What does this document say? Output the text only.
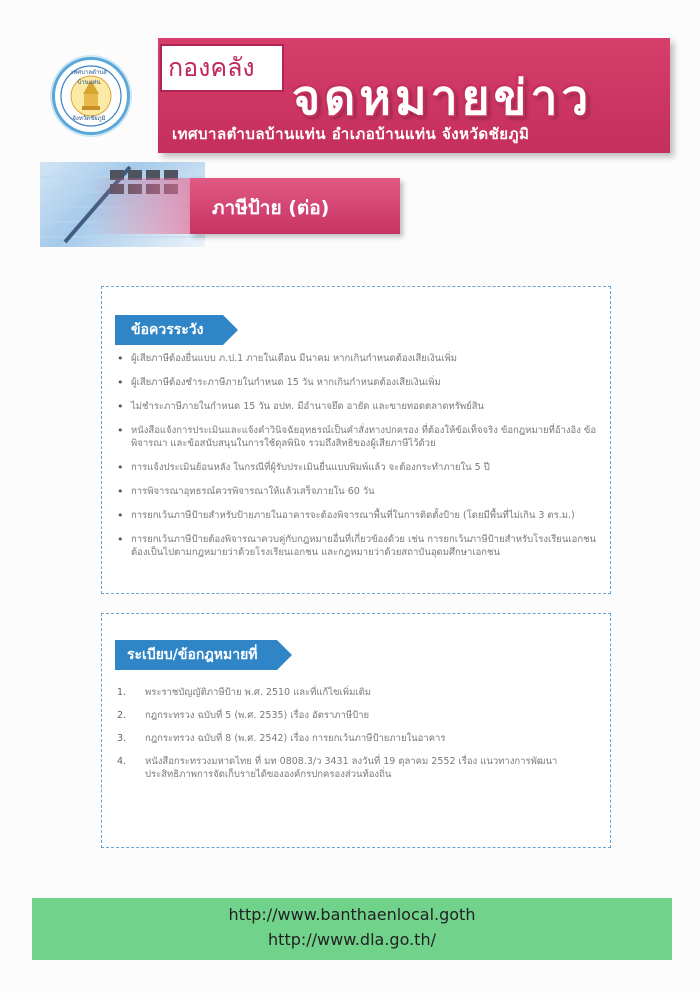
เทศบาลตำบลบ้านแท่น
จังหวัดชัยภูมิ
กองคลัง
จดหมายข่าว
เทศบาลตำบลบ้านแท่น อำเภอบ้านแท่น จังหวัดชัยภูมิ
ภาษีป้าย (ต่อ)
ข้อควรระวัง
• ผู้เสียภาษีต้องยื่นแบบ ภ.ป.1 ภายในเดือน มีนาคม หากเกินกำหนดต้องเสียเงินเพิ่ม
• ผู้เสียภาษีต้องชำระภาษีภายในกำหนด 15 วัน หากเกินกำหนดต้องเสียเงินเพิ่ม
• ไม่ชำระภาษีภายในกำหนด 15 วัน อปท. มีอำนาจยึด อายัด และขายทอดตลาดทรัพย์สิน
• หนังสือแจ้งการประเมินและแจ้งคำวินิจฉัยอุทธรณ์เป็นคำสั่งทางปกครอง ที่ต้องให้ข้อเท็จจริง ข้อกฎหมายที่อ้างอิง ข้อพิจารณา และข้อสนับสนุนในการใช้ดุลพินิจ รวมถึงสิทธิของผู้เสียภาษีไว้ด้วย
• การแจ้งประเมินย้อนหลัง ในกรณีที่ผู้รับประเมินยื่นแบบพิมพ์แล้ว จะต้องกระทำภายใน 5 ปี
• การพิจารณาอุทธรณ์ควรพิจารณาให้แล้วเสร็จภายใน 60 วัน
• การยกเว้นภาษีป้ายสำหรับป้ายภายในอาคารจะต้องพิจารณาพื้นที่ในการติดตั้งป้าย (โดยมีพื้นที่ไม่เกิน 3 ตร.ม.)
• การยกเว้นภาษีป้ายต้องพิจารณาควบคู่กับกฎหมายอื่นที่เกี่ยวข้องด้วย เช่น การยกเว้นภาษีป้ายสำหรับโรงเรียนเอกชน ต้องเป็นไปตามกฎหมายว่าด้วยโรงเรียนเอกชน และกฎหมายว่าด้วยสถาบันอุดมศึกษาเอกชน
ระเบียบ/ข้อกฎหมายที่เกี่ยวข้อง
1. พระราชบัญญัติภาษีป้าย พ.ศ. 2510 และที่แก้ไขเพิ่มเติม
2. กฎกระทรวง ฉบับที่ 5 (พ.ศ. 2535) เรื่อง อัตราภาษีป้าย
3. กฎกระทรวง ฉบับที่ 8 (พ.ศ. 2542) เรื่อง การยกเว้นภาษีป้ายภายในอาคาร
4. หนังสือกระทรวงมหาดไทย ที่ มท 0808.3/ว 3431 ลงวันที่ 19 ตุลาคม 2552 เรื่อง แนวทางการพัฒนาประสิทธิภาพการจัดเก็บรายได้ขององค์กรปกครองส่วนท้องถิ่น
http://www.banthaenlocal.goth
http://www.dla.go.th/
